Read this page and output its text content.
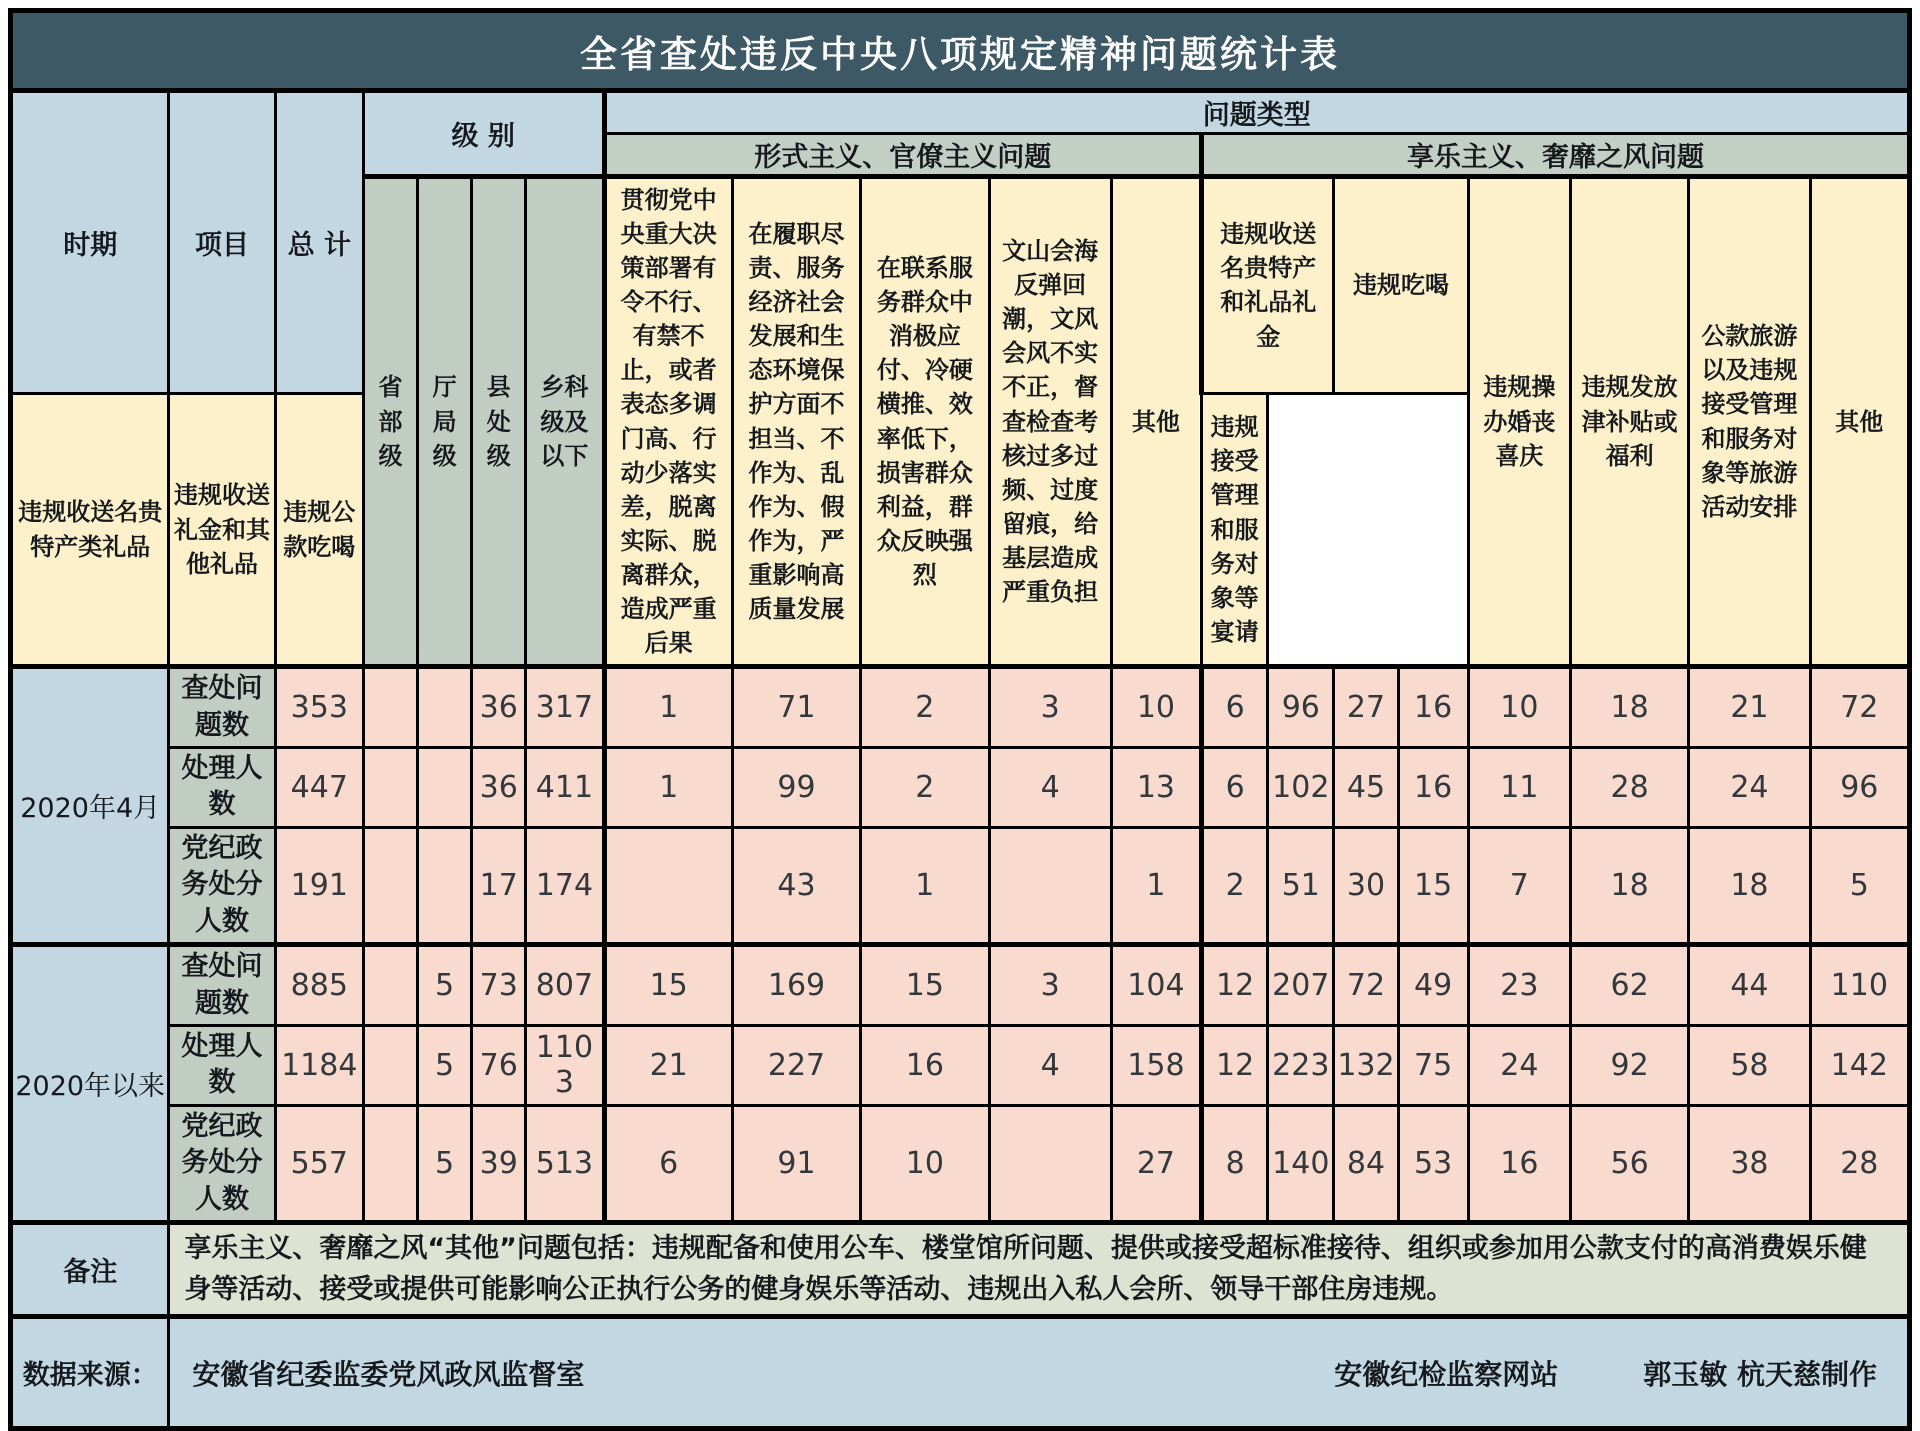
全省查处违反中央八项规定精神问题统计表																			
时期	项目	总 计	级 别				问题类型												
							形式主义、官僚主义问题					享乐主义、奢靡之风问题							
			省部级	厅局级	县处级	乡科级及以下	贯彻党中央重大决策部署有令不行、有禁不止，或者表态多调门高、行动少落实差，脱离实际、脱离群众，造成严重后果	在履职尽责、服务经济社会发展和生态环境保护方面不担当、不作为、乱作为、假作为，严重影响高质量发展	在联系服务群众中消极应付、冷硬横推、效率低下，损害群众利益，群众反映强烈	文山会海反弹回潮，文风会风不实不正，督查检查考核过多过频、过度留痕，给基层造成严重负担	其他	违规收送名贵特产和礼品礼金		违规吃喝		违规操办婚丧喜庆	违规发放津补贴或福利	公款旅游以及违规接受管理和服务对象等旅游活动安排	其他
违规收送名贵特产类礼品	违规收送礼金和其他礼品	违规公款吃喝										违规接受管理和服务对象等宴请							
2020年4月	查处问题数	353			36	317	1	71	2	3	10	6	96	27	16	10	18	21	72
	处理人数	447			36	411	1	99	2	4	13	6	102	45	16	11	28	24	96
	党纪政务处分人数	191			17	174		43	1		1	2	51	30	15	7	18	18	5
2020年以来	查处问题数	885		5	73	807	15	169	15	3	104	12	207	72	49	23	62	44	110
	处理人数	1184		5	76	1103	21	227	16	4	158	12	223	132	75	24	92	58	142
	党纪政务处分人数	557		5	39	513	6	91	10		27	8	140	84	53	16	56	38	28
备注	享乐主义、奢靡之风“其他”问题包括：违规配备和使用公车、楼堂馆所问题、提供或接受超标准接待、组织或参加用公款支付的高消费娱乐健身等活动、接受或提供可能影响公正执行公务的健身娱乐等活动、违规出入私人会所、领导干部住房违规。																		
数据来源：	安徽省纪委监委党风政风监督室 安徽纪检监察网站 郭玉敏 杭天慈制作																		
